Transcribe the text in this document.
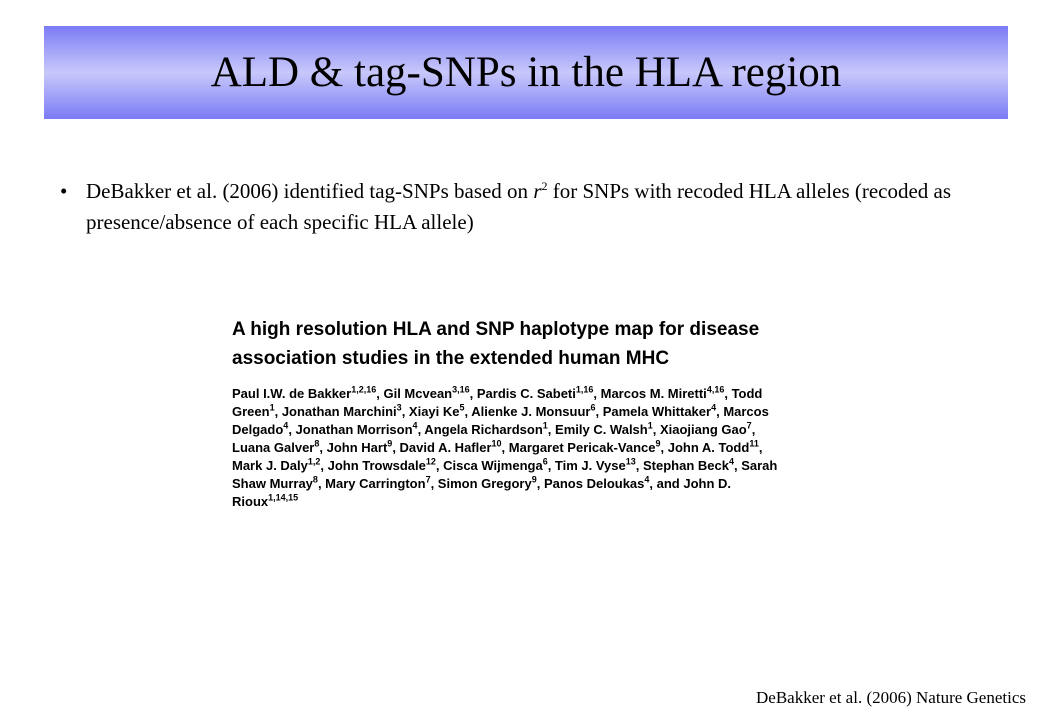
ALD & tag-SNPs in the HLA region
• DeBakker et al. (2006) identified tag-SNPs based on $r^2$ for SNPs with recoded HLA alleles (recoded as presence/absence of each specific HLA allele)
A high resolution HLA and SNP haplotype map for disease
association studies in the extended human MHC
Paul I.W. de Bakker$^{1,2,16}$, Gil Mcvean$^{3,16}$, Pardis C. Sabeti$^{1,16}$, Marcos M. Miretti$^{4,16}$, Todd
Green$^1$, Jonathan Marchini$^3$, Xiayi Ke$^5$, Alienke J. Monsuur$^6$, Pamela Whittaker$^4$, Marcos
Delgado$^4$, Jonathan Morrison$^4$, Angela Richardson$^1$, Emily C. Walsh$^1$, Xiaojiang Gao$^7$,
Luana Galver$^8$, John Hart$^9$, David A. Hafler$^{10}$, Margaret Pericak-Vance$^9$, John A. Todd$^{11}$,
Mark J. Daly$^{1,2}$, John Trowsdale$^{12}$, Cisca Wijmenga$^6$, Tim J. Vyse$^{13}$, Stephan Beck$^4$, Sarah
Shaw Murray$^8$, Mary Carrington$^7$, Simon Gregory$^9$, Panos Deloukas$^4$, and John D.
Rioux$^{1,14,15}$
DeBakker et al. (2006) Nature Genetics
